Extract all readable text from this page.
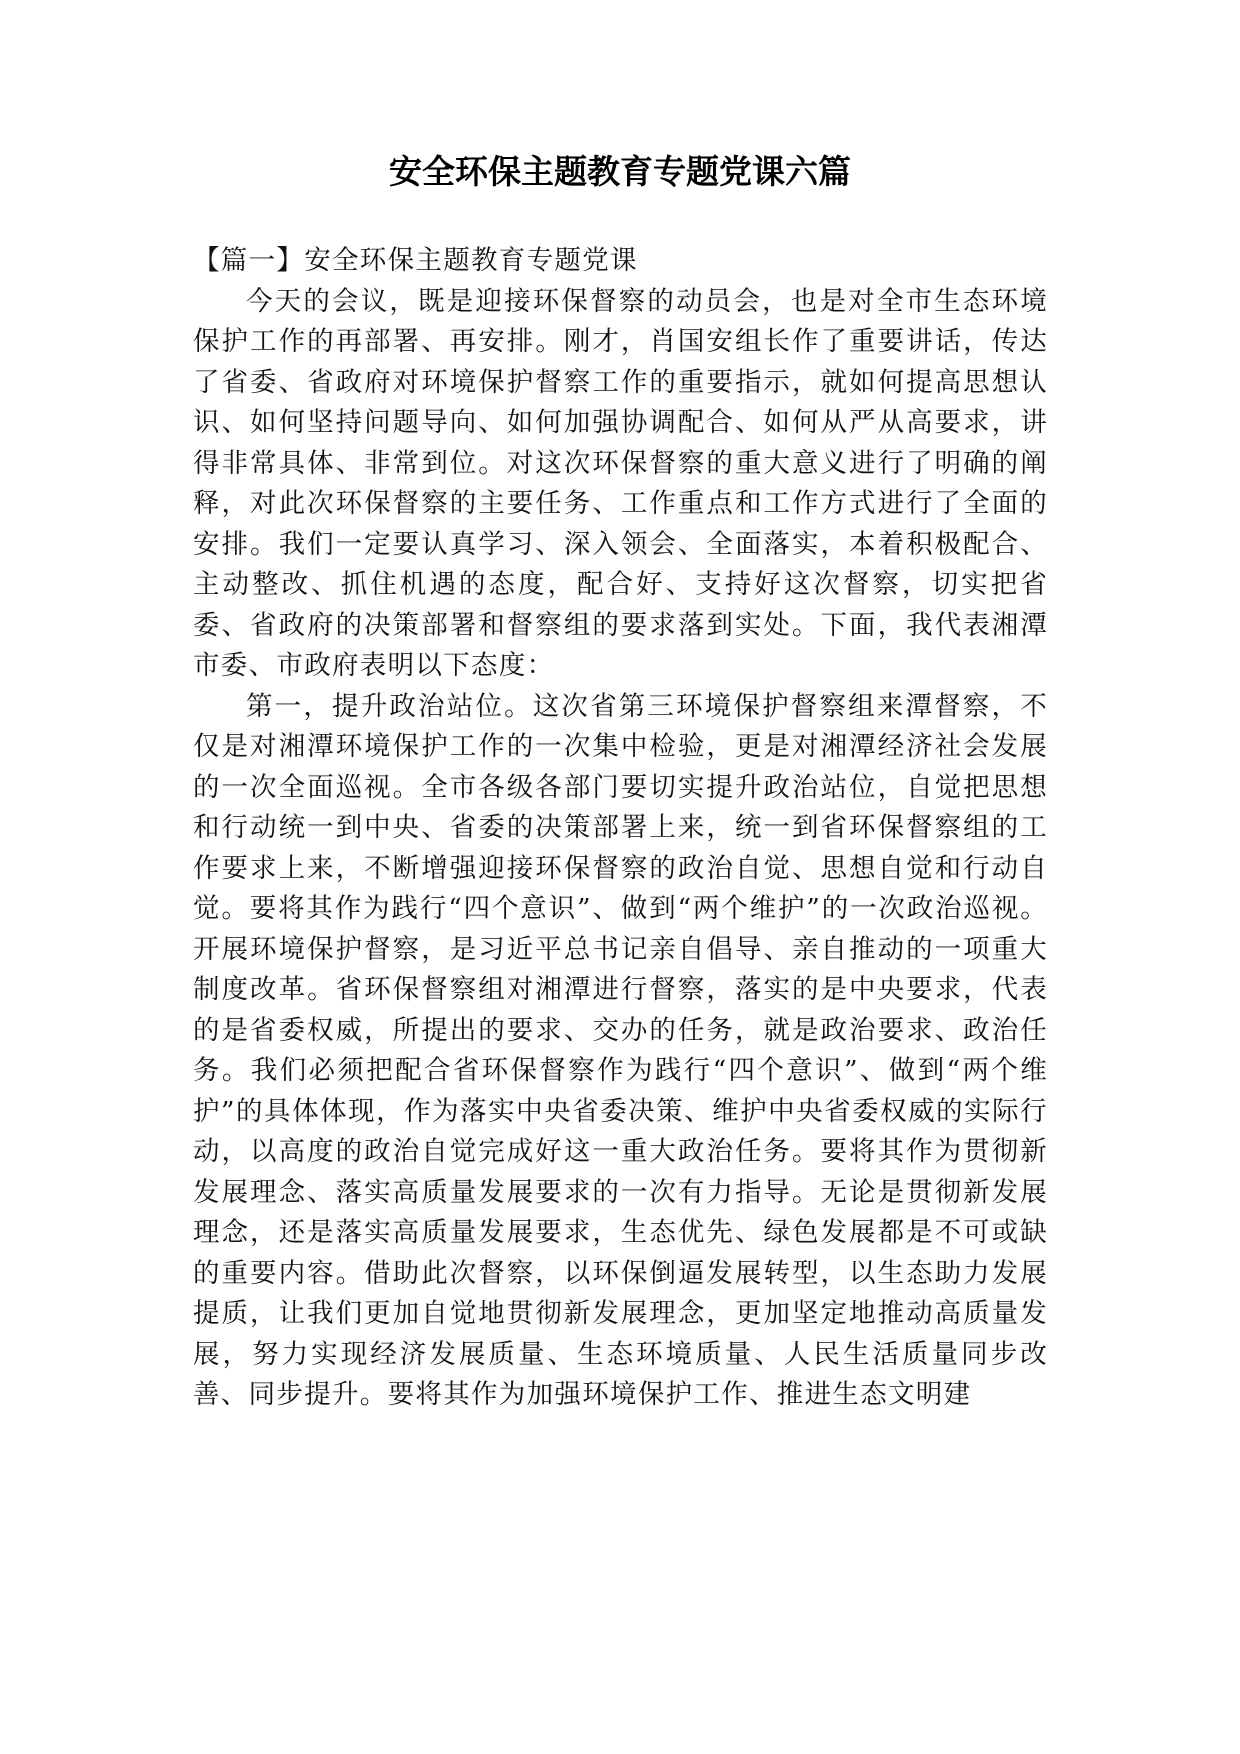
安全环保主题教育专题党课六篇

【篇一】安全环保主题教育专题党课

今天的会议，既是迎接环保督察的动员会，也是对全市生态环境保护工作的再部署、再安排。刚才，肖国安组长作了重要讲话，传达了省委、省政府对环境保护督察工作的重要指示，就如何提高思想认识、如何坚持问题导向、如何加强协调配合、如何从严从高要求，讲得非常具体、非常到位。对这次环保督察的重大意义进行了明确的阐释，对此次环保督察的主要任务、工作重点和工作方式进行了全面的安排。我们一定要认真学习、深入领会、全面落实，本着积极配合、主动整改、抓住机遇的态度，配合好、支持好这次督察，切实把省委、省政府的决策部署和督察组的要求落到实处。下面，我代表湘潭市委、市政府表明以下态度：

第一，提升政治站位。这次省第三环境保护督察组来潭督察，不仅是对湘潭环境保护工作的一次集中检验，更是对湘潭经济社会发展的一次全面巡视。全市各级各部门要切实提升政治站位，自觉把思想和行动统一到中央、省委的决策部署上来，统一到省环保督察组的工作要求上来，不断增强迎接环保督察的政治自觉、思想自觉和行动自觉。要将其作为践行“四个意识”、做到“两个维护”的一次政治巡视。开展环境保护督察，是习近平总书记亲自倡导、亲自推动的一项重大制度改革。省环保督察组对湘潭进行督察，落实的是中央要求，代表的是省委权威，所提出的要求、交办的任务，就是政治要求、政治任务。我们必须把配合省环保督察作为践行“四个意识”、做到“两个维护”的具体体现，作为落实中央省委决策、维护中央省委权威的实际行动，以高度的政治自觉完成好这一重大政治任务。要将其作为贯彻新发展理念、落实高质量发展要求的一次有力指导。无论是贯彻新发展理念，还是落实高质量发展要求，生态优先、绿色发展都是不可或缺的重要内容。借助此次督察，以环保倒逼发展转型，以生态助力发展提质，让我们更加自觉地贯彻新发展理念，更加坚定地推动高质量发展，努力实现经济发展质量、生态环境质量、人民生活质量同步改善、同步提升。要将其作为加强环境保护工作、推进生态文明建
